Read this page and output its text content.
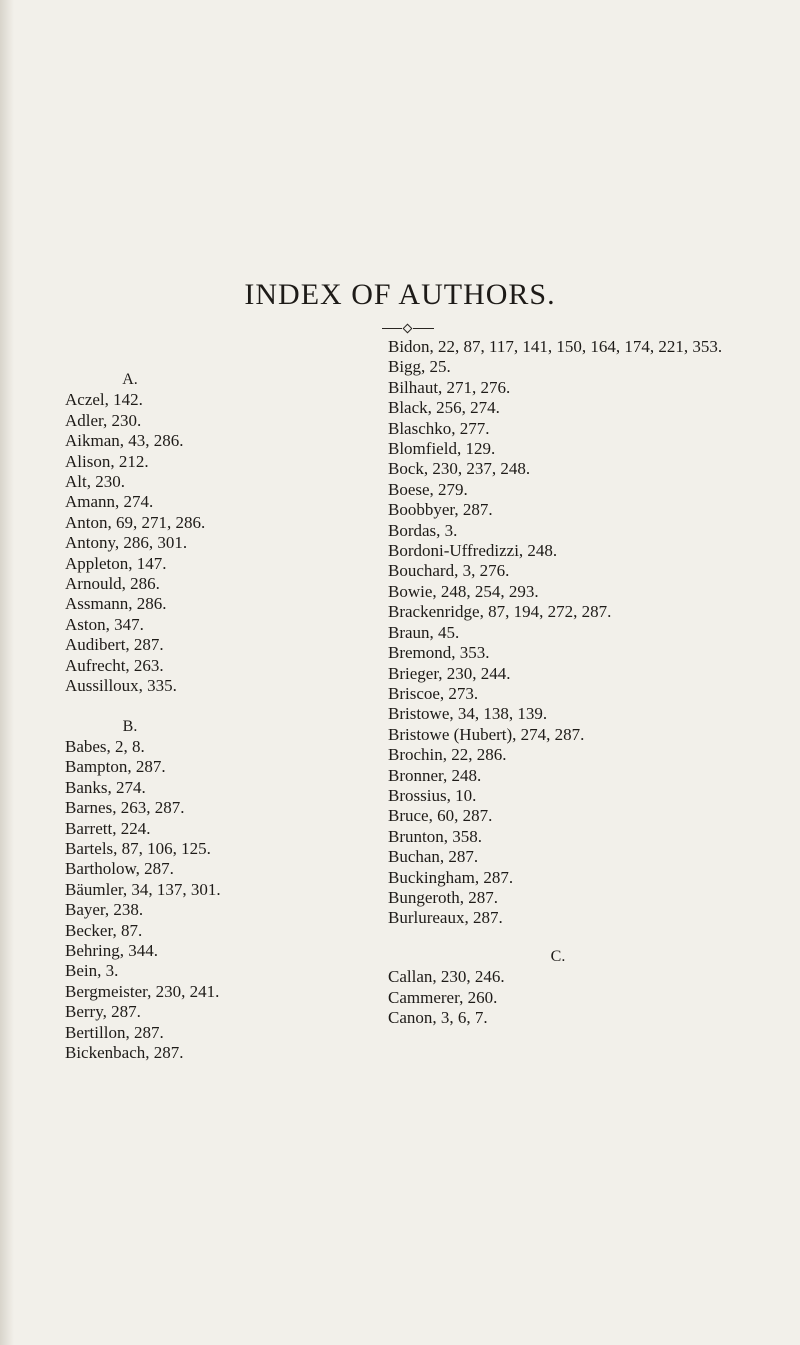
INDEX OF AUTHORS.
A.
Aczel, 142.
Adler, 230.
Aikman, 43, 286.
Alison, 212.
Alt, 230.
Amann, 274.
Anton, 69, 271, 286.
Antony, 286, 301.
Appleton, 147.
Arnould, 286.
Assmann, 286.
Aston, 347.
Audibert, 287.
Aufrecht, 263.
Aussilloux, 335.
B.
Babes, 2, 8.
Bampton, 287.
Banks, 274.
Barnes, 263, 287.
Barrett, 224.
Bartels, 87, 106, 125.
Bartholow, 287.
Bäumler, 34, 137, 301.
Bayer, 238.
Becker, 87.
Behring, 344.
Bein, 3.
Bergmeister, 230, 241.
Berry, 287.
Bertillon, 287.
Bickenbach, 287.
Bidon, 22, 87, 117, 141, 150, 164, 174, 221, 353.
Bigg, 25.
Bilhaut, 271, 276.
Black, 256, 274.
Blaschko, 277.
Blomfield, 129.
Bock, 230, 237, 248.
Boese, 279.
Boobbyer, 287.
Bordas, 3.
Bordoni-Uffredizzi, 248.
Bouchard, 3, 276.
Bowie, 248, 254, 293.
Brackenridge, 87, 194, 272, 287.
Braun, 45.
Bremond, 353.
Brieger, 230, 244.
Briscoe, 273.
Bristowe, 34, 138, 139.
Bristowe (Hubert), 274, 287.
Brochin, 22, 286.
Bronner, 248.
Brossius, 10.
Bruce, 60, 287.
Brunton, 358.
Buchan, 287.
Buckingham, 287.
Bungeroth, 287.
Burlureaux, 287.
C.
Callan, 230, 246.
Cammerer, 260.
Canon, 3, 6, 7.
